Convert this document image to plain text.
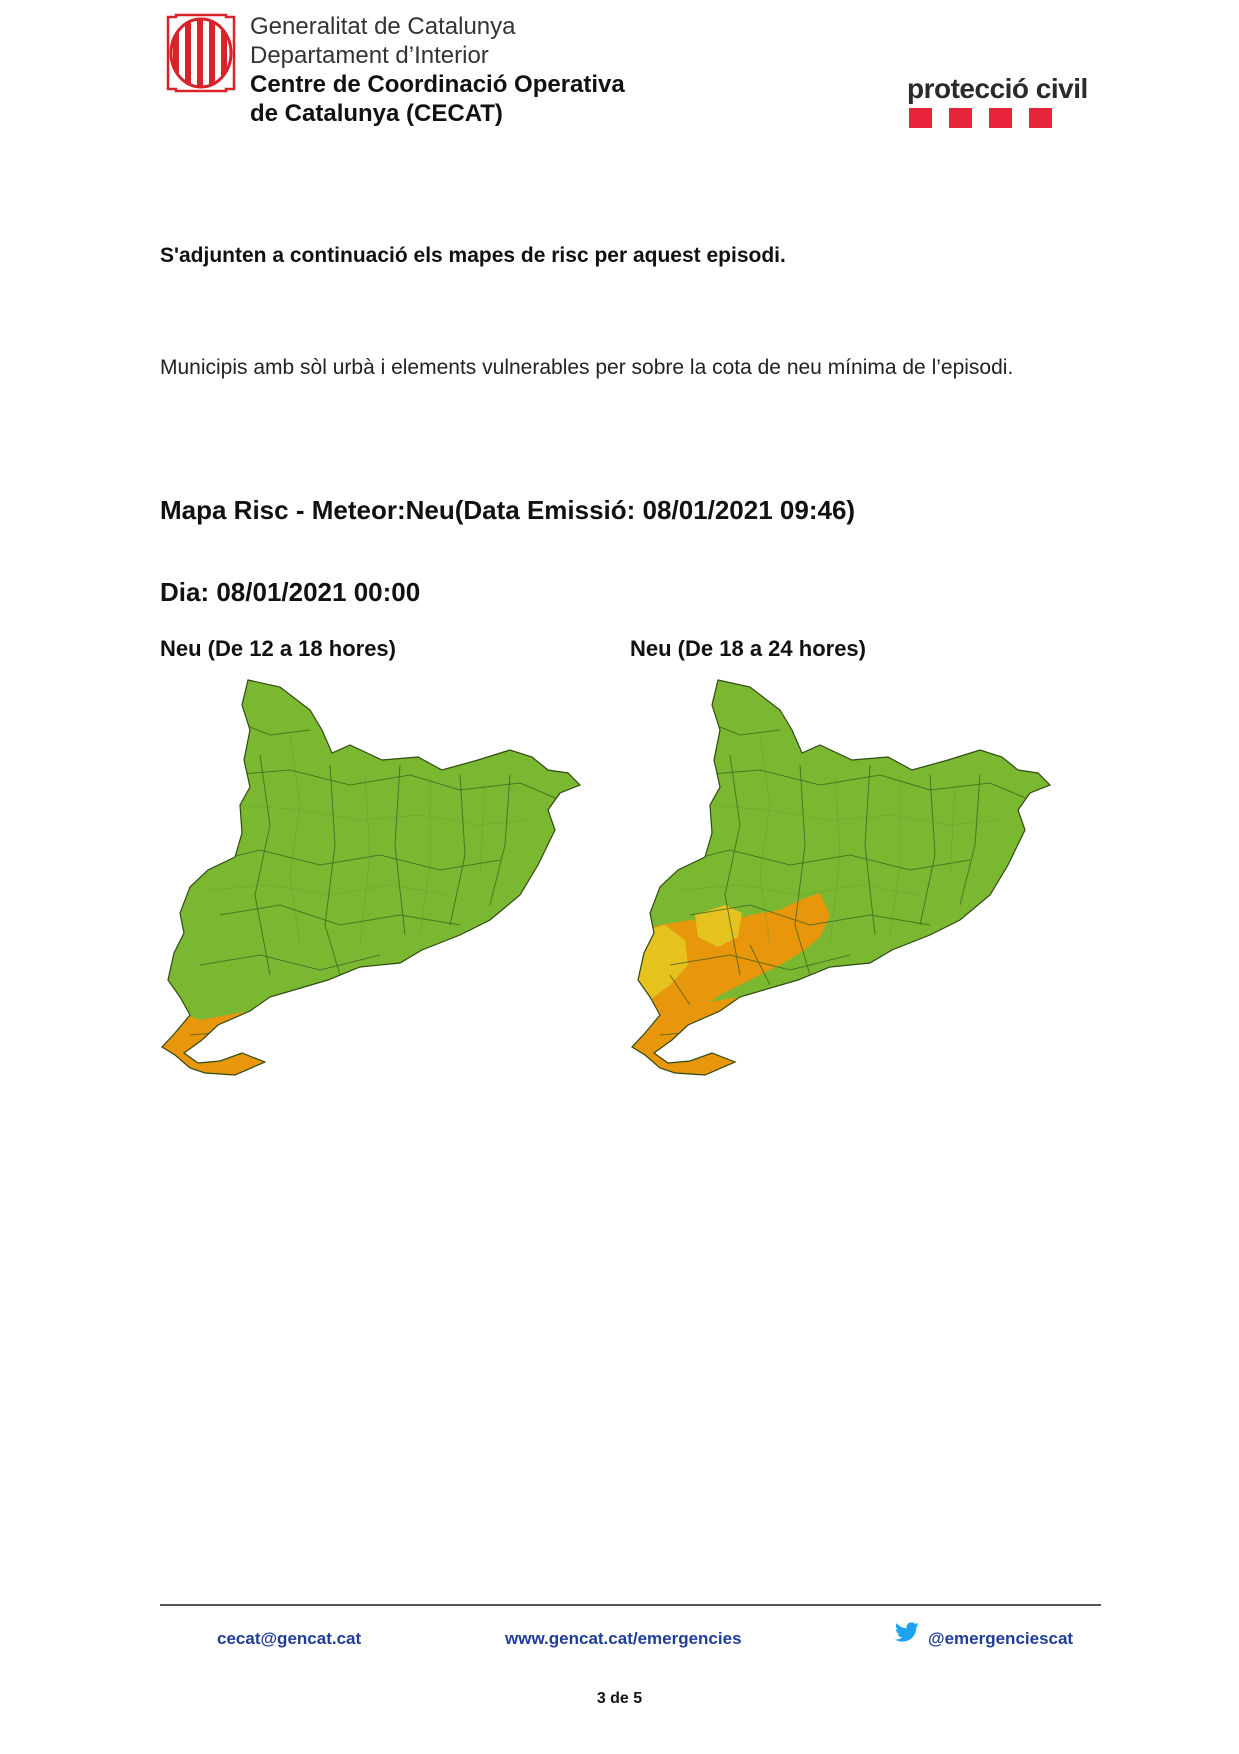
Generalitat de Catalunya
Departament d’Interior
Centre de Coordinació Operativa
de Catalunya (CECAT)
protecció civil
S'adjunten a continuació els mapes de risc per aquest episodi.
Municipis amb sòl urbà i elements vulnerables per sobre la cota de neu mínima de l’episodi.
Mapa Risc - Meteor:Neu(Data Emissió: 08/01/2021 09:46)
Dia: 08/01/2021 00:00
Neu (De 12 a 18 hores)	Neu (De 18 a 24 hores)
cecat@gencat.cat	www.gencat.cat/emergencies	@emergenciescat
3 de 5
